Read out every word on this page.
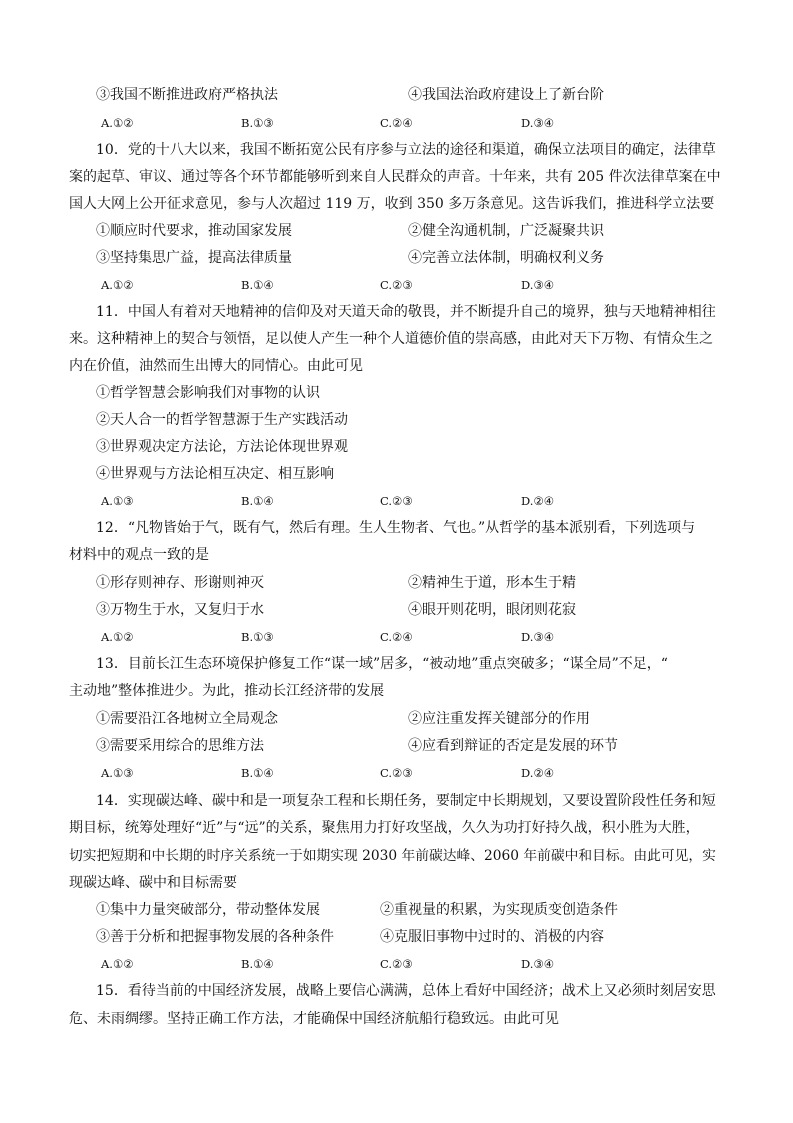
③我国不断推进政府严格执法	④我国法治政府建设上了新台阶
A.①②	B.①③	C.②④	D.③④
10．党的十八大以来，我国不断拓宽公民有序参与立法的途径和渠道，确保立法项目的确定，法律草
案的起草、审议、通过等各个环节都能够听到来自人民群众的声音。十年来，共有 205 件次法律草案在中
国人大网上公开征求意见，参与人次超过 119 万，收到 350 多万条意见。这告诉我们，推进科学立法要
①顺应时代要求，推动国家发展	②健全沟通机制，广泛凝聚共识
③坚持集思广益，提高法律质量	④完善立法体制，明确权利义务
A.①②	B.①④	C.②③	D.③④
11．中国人有着对天地精神的信仰及对天道天命的敬畏，并不断提升自己的境界，独与天地精神相往
来。这种精神上的契合与领悟，足以使人产生一种个人道德价值的崇高感，由此对天下万物、有情众生之
内在价值，油然而生出博大的同情心。由此可见
①哲学智慧会影响我们对事物的认识
②天人合一的哲学智慧源于生产实践活动
③世界观决定方法论，方法论体现世界观
④世界观与方法论相互决定、相互影响
A.①③	B.①④	C.②③	D.②④
12．“凡物皆始于气，既有气，然后有理。生人生物者、气也。”从哲学的基本派别看，下列选项与
材料中的观点一致的是
①形存则神存、形谢则神灭	②精神生于道，形本生于精
③万物生于水，又复归于水	④眼开则花明，眼闭则花寂
A.①②	B.①③	C.②④	D.③④
13．目前长江生态环境保护修复工作“谋一域”居多，“被动地”重点突破多；“谋全局”不足，“
主动地”整体推进少。为此，推动长江经济带的发展
①需要沿江各地树立全局观念	②应注重发挥关键部分的作用
③需要采用综合的思维方法	④应看到辩证的否定是发展的环节
A.①③	B.①④	C.②③	D.②④
14．实现碳达峰、碳中和是一项复杂工程和长期任务，要制定中长期规划，又要设置阶段性任务和短
期目标，统筹处理好“近”与“远”的关系，聚焦用力打好攻坚战，久久为功打好持久战，积小胜为大胜，
切实把短期和中长期的时序关系统一于如期实现 2030 年前碳达峰、2060 年前碳中和目标。由此可见，实
现碳达峰、碳中和目标需要
①集中力量突破部分，带动整体发展	②重视量的积累，为实现质变创造条件
③善于分析和把握事物发展的各种条件	④克服旧事物中过时的、消极的内容
A.①②	B.①④	C.②③	D.③④
15．看待当前的中国经济发展，战略上要信心满满，总体上看好中国经济；战术上又必须时刻居安思
危、未雨绸缪。坚持正确工作方法，才能确保中国经济航船行稳致远。由此可见
